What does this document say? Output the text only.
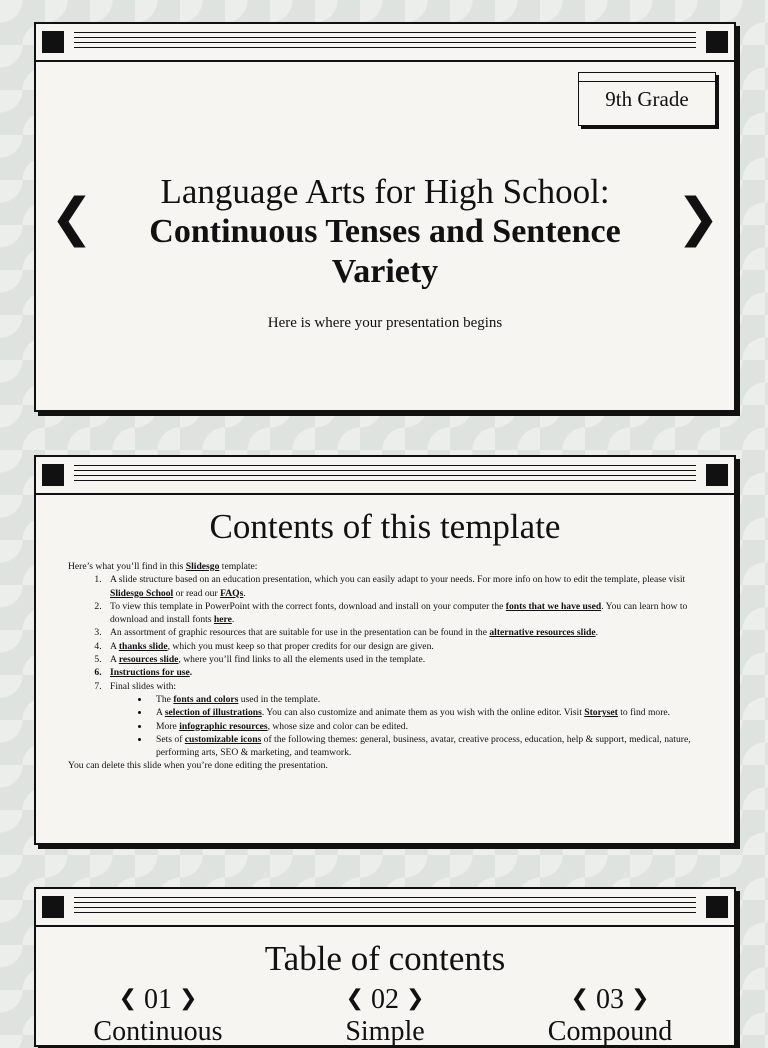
9th Grade
❮	❯
Language Arts for High School:
Continuous Tenses and Sentence Variety
Here is where your presentation begins
Contents of this template

Here’s what you’ll find in this Slidesgo template:

1. A slide structure based on an education presentation, which you can easily adapt to your needs. For more info on how to edit the template, please visit Slidesgo School or read our FAQs.
2. To view this template in PowerPoint with the correct fonts, download and install on your computer the fonts that we have used. You can learn how to download and install fonts here.
3. An assortment of graphic resources that are suitable for use in the presentation can be found in the alternative resources slide.
4. A thanks slide, which you must keep so that proper credits for our design are given.
5. A resources slide, where you’ll find links to all the elements used in the template.
6. Instructions for use.
7. Final slides with:
• The fonts and colors used in the template.
• A selection of illustrations. You can also customize and animate them as you wish with the online editor. Visit Storyset to find more.
• More infographic resources, whose size and color can be edited.
• Sets of customizable icons of the following themes: general, business, avatar, creative process, education, help & support, medical, nature, performing arts, SEO & marketing, and teamwork.

You can delete this slide when you’re done editing the presentation.

Table of contents
❮ 01 ❯	❮ 02 ❯	❮ 03 ❯
Continuous	Simple	Compound
